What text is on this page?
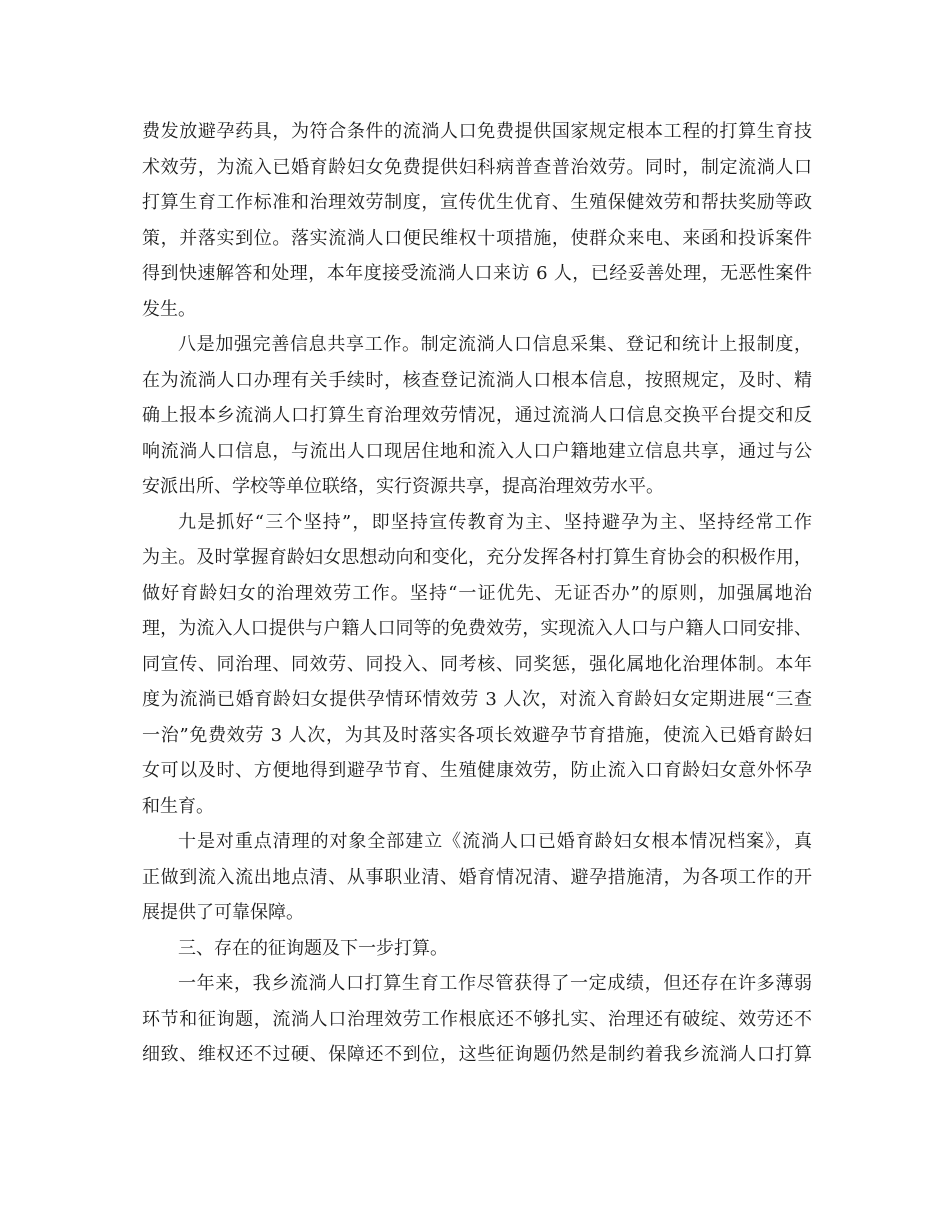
费发放避孕药具，为符合条件的流淌人口免费提供国家规定根本工程的打算生育技
术效劳，为流入已婚育龄妇女免费提供妇科病普查普治效劳。同时，制定流淌人口
打算生育工作标准和治理效劳制度，宣传优生优育、生殖保健效劳和帮扶奖励等政
策，并落实到位。落实流淌人口便民维权十项措施，使群众来电、来函和投诉案件
得到快速解答和处理，本年度接受流淌人口来访 6 人，已经妥善处理，无恶性案件
发生。
八是加强完善信息共享工作。制定流淌人口信息采集、登记和统计上报制度，
在为流淌人口办理有关手续时，核查登记流淌人口根本信息，按照规定，及时、精
确上报本乡流淌人口打算生育治理效劳情况，通过流淌人口信息交换平台提交和反
响流淌人口信息，与流出人口现居住地和流入人口户籍地建立信息共享，通过与公
安派出所、学校等单位联络，实行资源共享，提高治理效劳水平。
九是抓好“三个坚持”，即坚持宣传教育为主、坚持避孕为主、坚持经常工作
为主。及时掌握育龄妇女思想动向和变化，充分发挥各村打算生育协会的积极作用，
做好育龄妇女的治理效劳工作。坚持“一证优先、无证否办”的原则，加强属地治
理，为流入人口提供与户籍人口同等的免费效劳，实现流入人口与户籍人口同安排、
同宣传、同治理、同效劳、同投入、同考核、同奖惩，强化属地化治理体制。本年
度为流淌已婚育龄妇女提供孕情环情效劳 3 人次，对流入育龄妇女定期进展“三查
一治”免费效劳 3 人次，为其及时落实各项长效避孕节育措施，使流入已婚育龄妇
女可以及时、方便地得到避孕节育、生殖健康效劳，防止流入口育龄妇女意外怀孕
和生育。
十是对重点清理的对象全部建立《流淌人口已婚育龄妇女根本情况档案》，真
正做到流入流出地点清、从事职业清、婚育情况清、避孕措施清，为各项工作的开
展提供了可靠保障。
三、存在的征询题及下一步打算。
一年来，我乡流淌人口打算生育工作尽管获得了一定成绩，但还存在许多薄弱
环节和征询题，流淌人口治理效劳工作根底还不够扎实、治理还有破绽、效劳还不
细致、维权还不过硬、保障还不到位，这些征询题仍然是制约着我乡流淌人口打算
